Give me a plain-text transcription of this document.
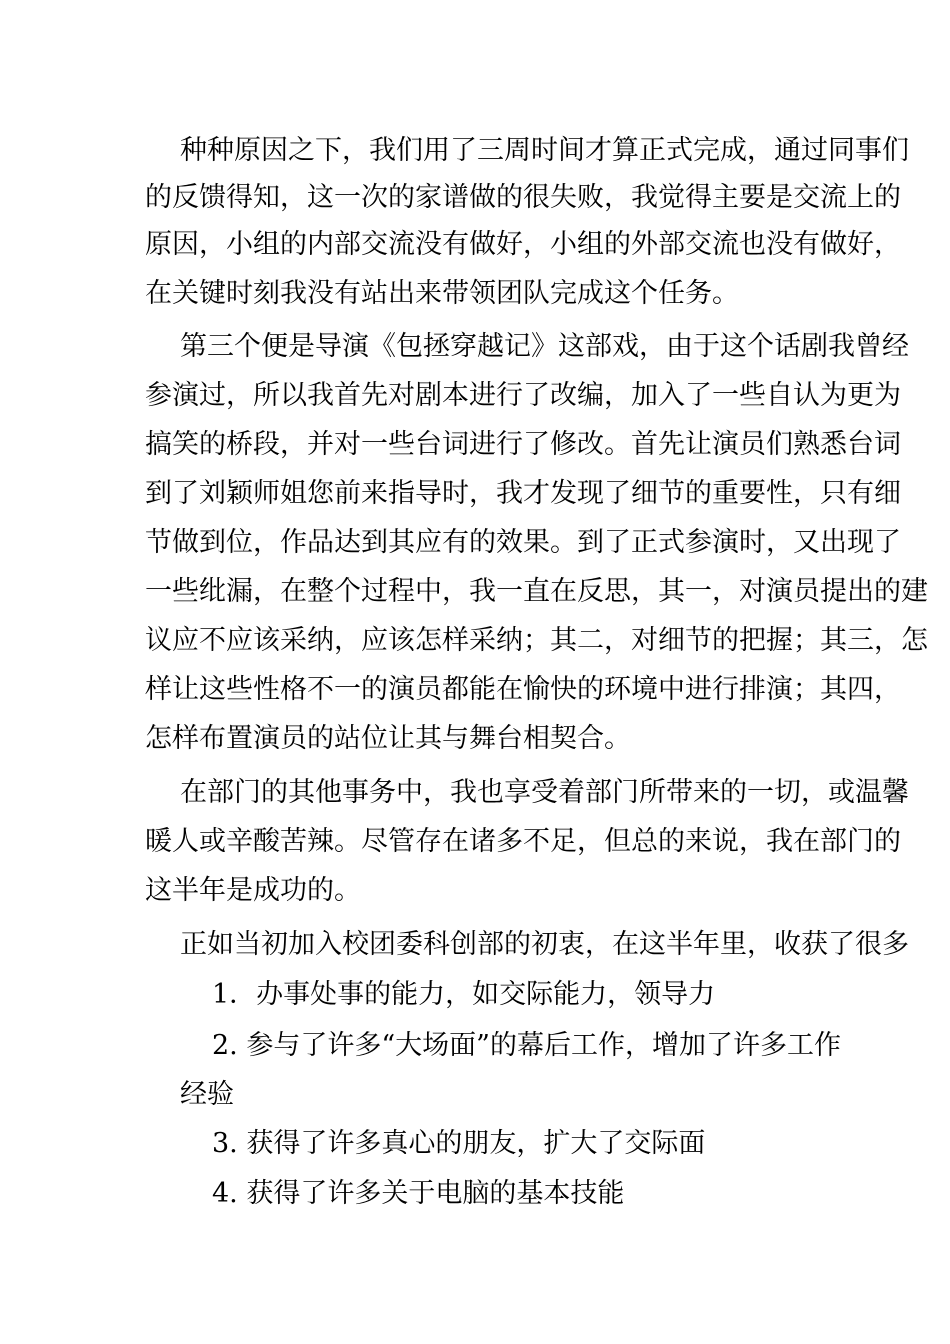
种种原因之下，我们用了三周时间才算正式完成，通过同事们
的反馈得知，这一次的家谱做的很失败，我觉得主要是交流上的
原因，小组的内部交流没有做好，小组的外部交流也没有做好，
在关键时刻我没有站出来带领团队完成这个任务。
第三个便是导演《包拯穿越记》这部戏，由于这个话剧我曾经
参演过，所以我首先对剧本进行了改编，加入了一些自认为更为
搞笑的桥段，并对一些台词进行了修改。首先让演员们熟悉台词
到了刘颖师姐您前来指导时，我才发现了细节的重要性，只有细
节做到位，作品达到其应有的效果。到了正式参演时，又出现了
一些纰漏，在整个过程中，我一直在反思，其一，对演员提出的建
议应不应该采纳，应该怎样采纳；其二，对细节的把握；其三，怎
样让这些性格不一的演员都能在愉快的环境中进行排演；其四，
怎样布置演员的站位让其与舞台相契合。
在部门的其他事务中，我也享受着部门所带来的一切，或温馨
暖人或辛酸苦辣。尽管存在诸多不足，但总的来说，我在部门的
这半年是成功的。
正如当初加入校团委科创部的初衷，在这半年里，收获了很多
1．办事处事的能力，如交际能力，领导力
2. 参与了许多“大场面”的幕后工作，增加了许多工作
经验
3. 获得了许多真心的朋友，扩大了交际面
4. 获得了许多关于电脑的基本技能
